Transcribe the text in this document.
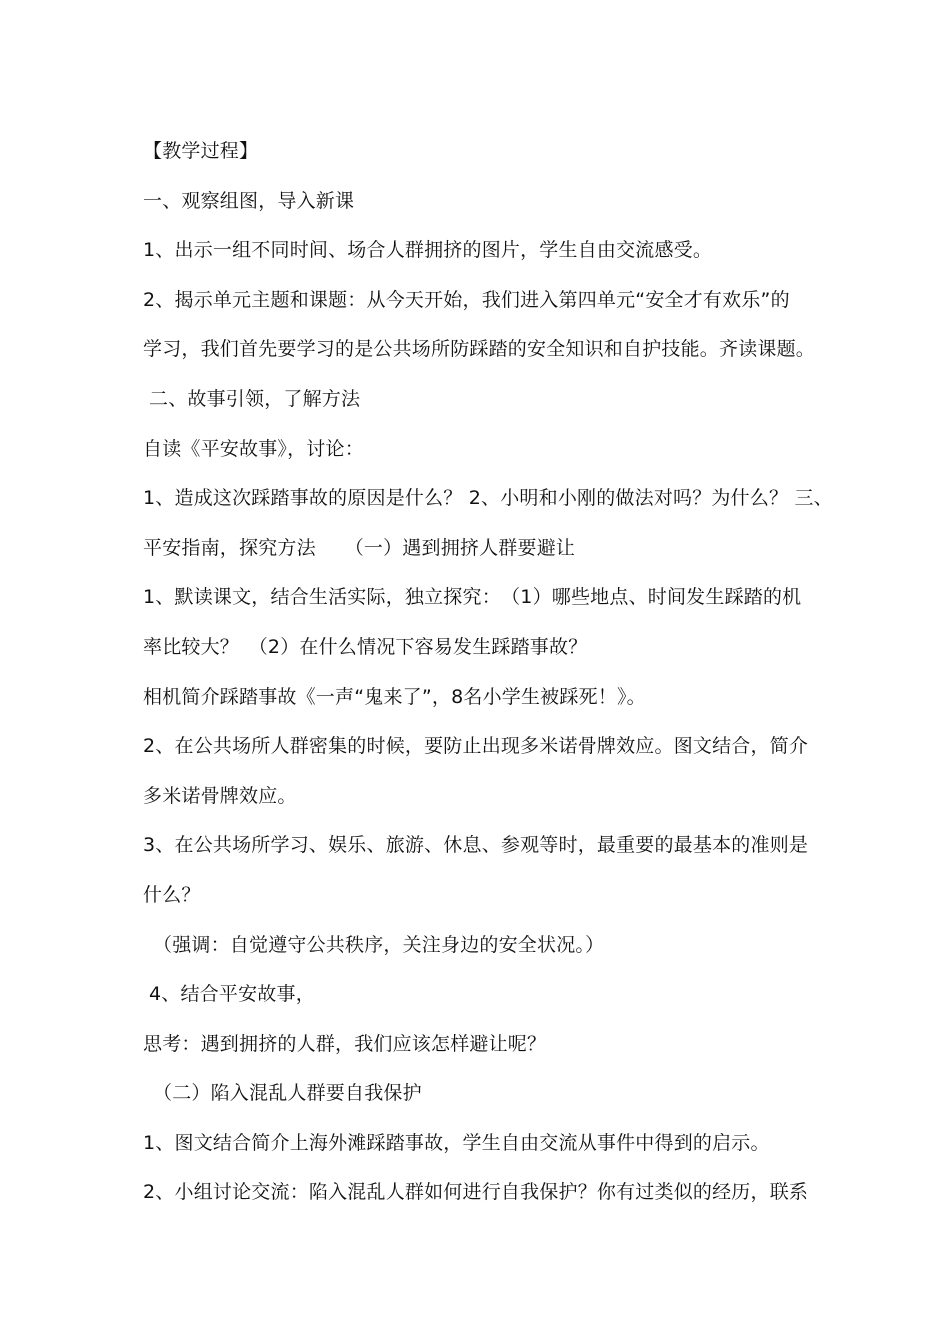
【教学过程】
一、观察组图，导入新课
1、出示一组不同时间、场合人群拥挤的图片，学生自由交流感受。
2、揭示单元主题和课题：从今天开始，我们进入第四单元“安全才有欢乐”的
学习，我们首先要学习的是公共场所防踩踏的安全知识和自护技能。齐读课题。
二、故事引领，了解方法
自读《平安故事》，讨论：
1、造成这次踩踏事故的原因是什么？ 2、小明和小刚的做法对吗？为什么？ 三、
平安指南，探究方法　　（一）遇到拥挤人群要避让
1、默读课文，结合生活实际，独立探究：　（1）哪些地点、时间发生踩踏的机
率比较大？　（2）在什么情况下容易发生踩踏事故？
相机简介踩踏事故《一声“鬼来了”，8名小学生被踩死！》。
2、在公共场所人群密集的时候，要防止出现多米诺骨牌效应。图文结合，简介
多米诺骨牌效应。
3、在公共场所学习、娱乐、旅游、休息、参观等时，最重要的最基本的准则是
什么？
（强调：自觉遵守公共秩序，关注身边的安全状况。）
4、结合平安故事，
思考：遇到拥挤的人群，我们应该怎样避让呢？
（二）陷入混乱人群要自我保护
1、图文结合简介上海外滩踩踏事故，学生自由交流从事件中得到的启示。
2、小组讨论交流：陷入混乱人群如何进行自我保护？你有过类似的经历，联系
